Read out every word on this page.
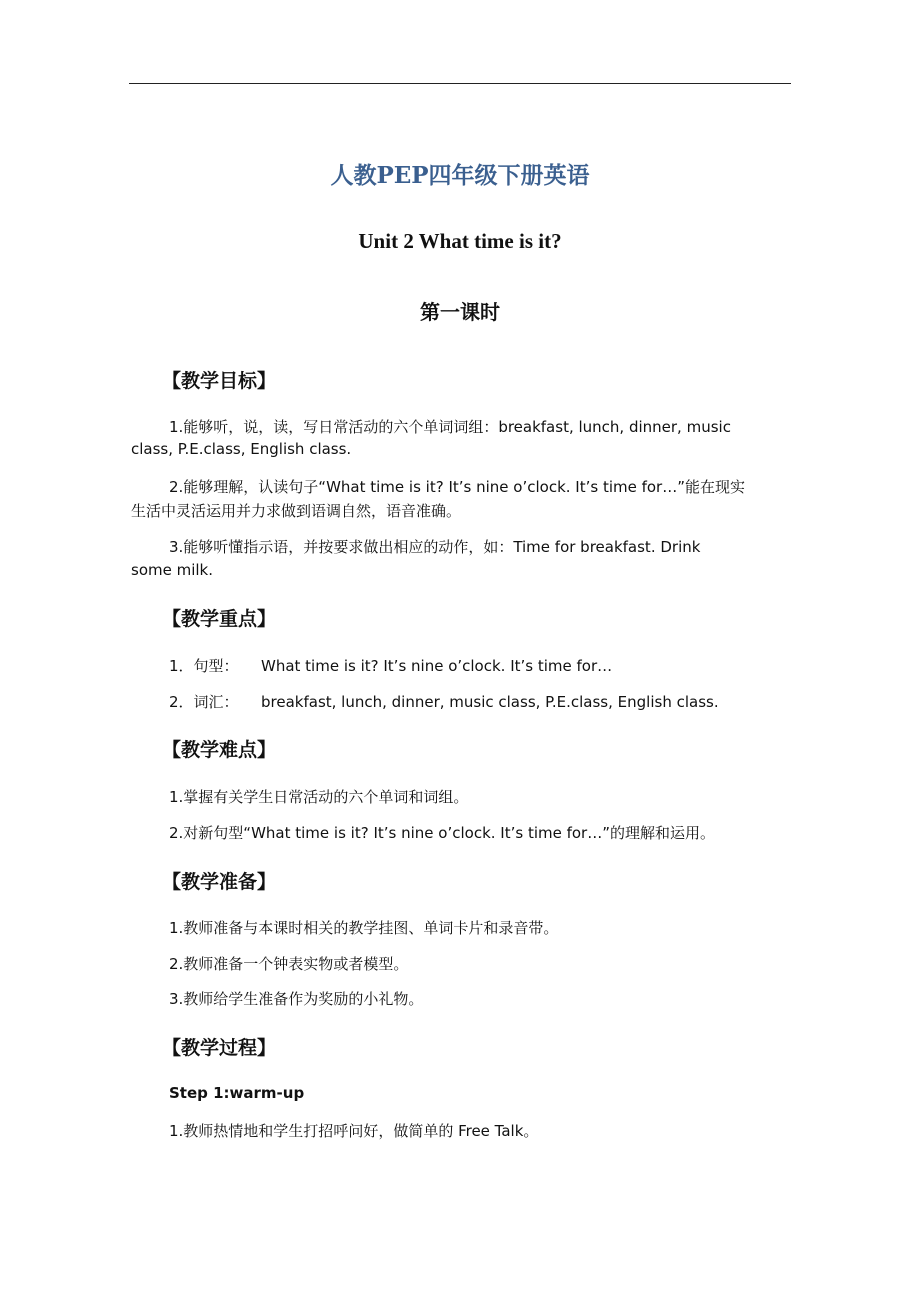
人教PEP四年级下册英语
Unit 2 What time is it?
第一课时
【教学目标】
1.能够听，说，读，写日常活动的六个单词词组：breakfast, lunch, dinner, music
class, P.E.class, English class.
2.能够理解，认读句子“What time is it? It’s nine o’clock. It’s time for…”能在现实
生活中灵活运用并力求做到语调自然，语音准确。
3.能够听懂指示语，并按要求做出相应的动作，如：Time for breakfast. Drink
some milk.
【教学重点】
1．句型： What time is it? It’s nine o’clock. It’s time for…
2．词汇： breakfast, lunch, dinner, music class, P.E.class, English class.
【教学难点】
1.掌握有关学生日常活动的六个单词和词组。
2.对新句型“What time is it? It’s nine o’clock. It’s time for…”的理解和运用。
【教学准备】
1.教师准备与本课时相关的教学挂图、单词卡片和录音带。
2.教师准备一个钟表实物或者模型。
3.教师给学生准备作为奖励的小礼物。
【教学过程】
Step 1:warm-up
1.教师热情地和学生打招呼问好，做简单的 Free Talk。
